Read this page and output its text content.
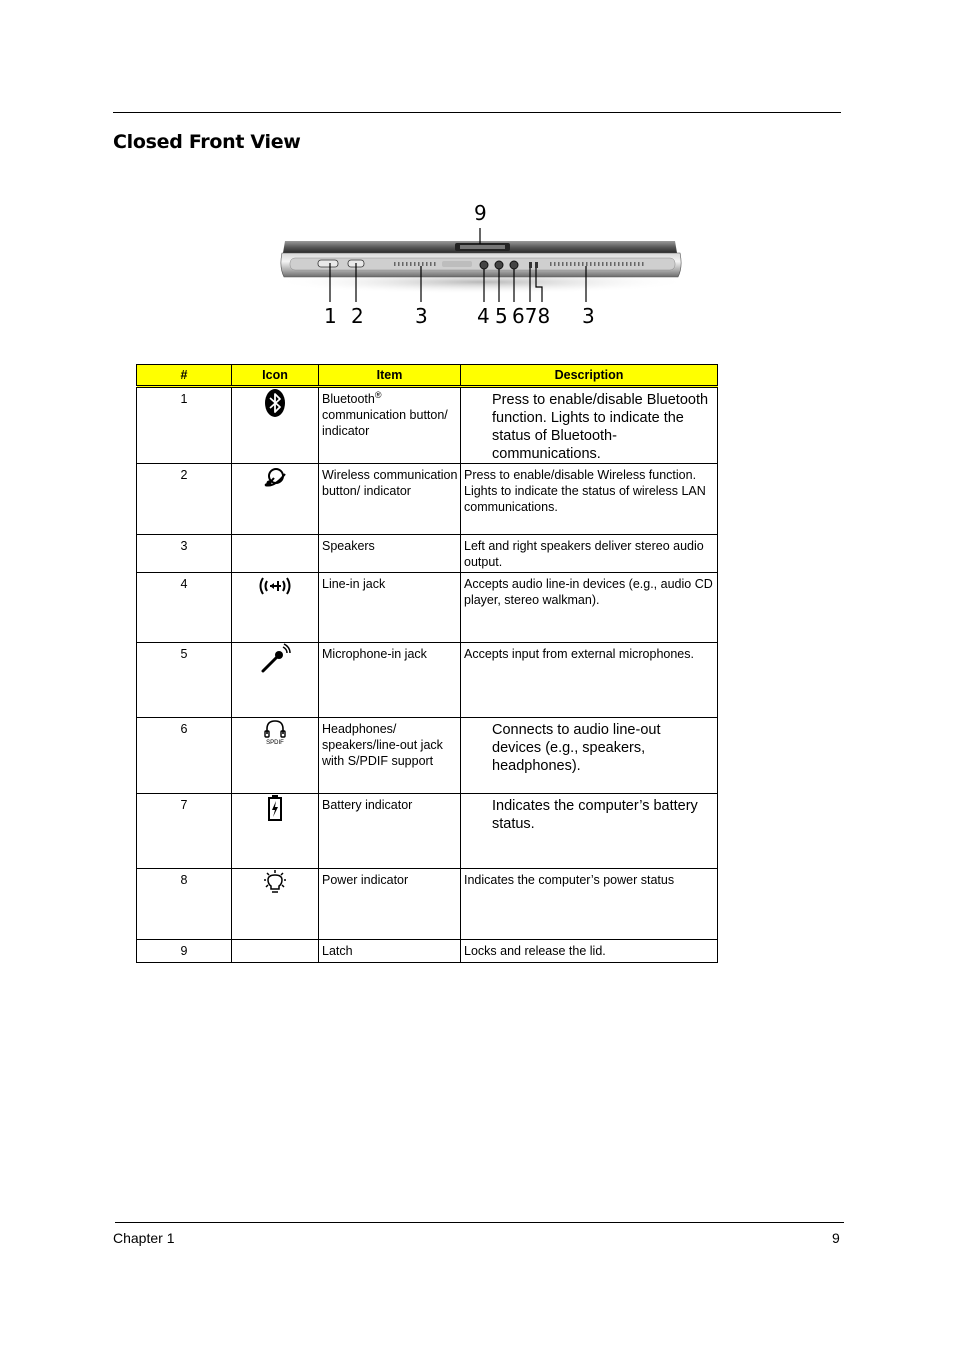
Closed Front View
9
1 2	3 4 5 678 3
#	Icon	Item	Description
1		Bluetooth® communication button/ indicator	Press to enable/disable Bluetooth function. Lights to indicate the status of Bluetooth-communications.
2		Wireless communication button/ indicator	Press to enable/disable Wireless function. Lights to indicate the status of wireless LAN communications.
3		Speakers	Left and right speakers deliver stereo audio output.
4		Line-in jack	Accepts audio line-in devices (e.g., audio CD player, stereo walkman).
5		Microphone-in jack	Accepts input from external microphones.
6	SPDIF	Headphones/ speakers/line-out jack with S/PDIF support	Connects to audio line-out devices (e.g., speakers, headphones).
7		Battery indicator	Indicates the computer’s battery status.
8		Power indicator	Indicates the computer’s power status
9		Latch	Locks and release the lid.
Chapter 1	9
